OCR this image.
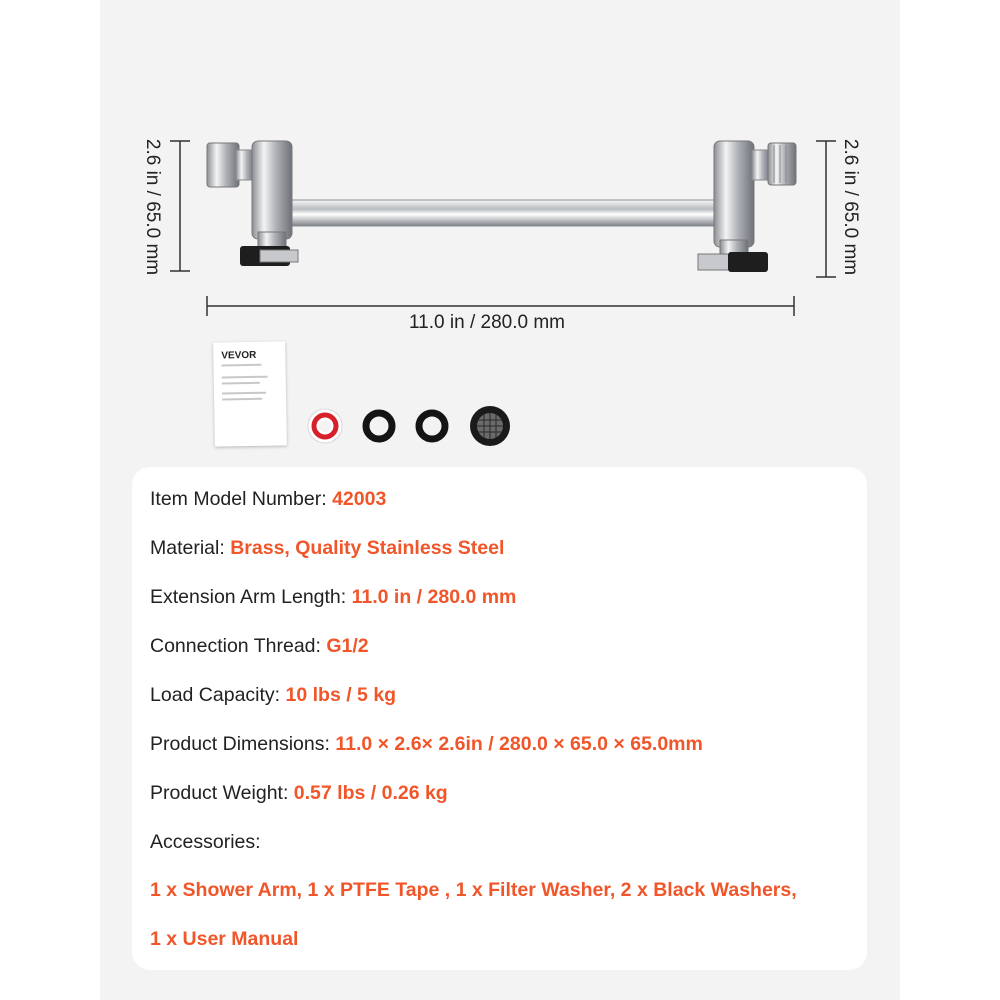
2.6 in / 65.0 mm	2.6 in / 65.0 mm
11.0 in / 280.0 mm
VEVOR
Item Model Number: 42003
Material: Brass, Quality Stainless Steel
Extension Arm Length: 11.0 in / 280.0 mm
Connection Thread: G1/2
Load Capacity: 10 lbs / 5 kg
Product Dimensions: 11.0 × 2.6× 2.6in / 280.0 × 65.0 × 65.0mm
Product Weight: 0.57 lbs / 0.26 kg
Accessories:
1 x Shower Arm, 1 x PTFE Tape , 1 x Filter Washer, 2 x Black Washers,
1 x User Manual
